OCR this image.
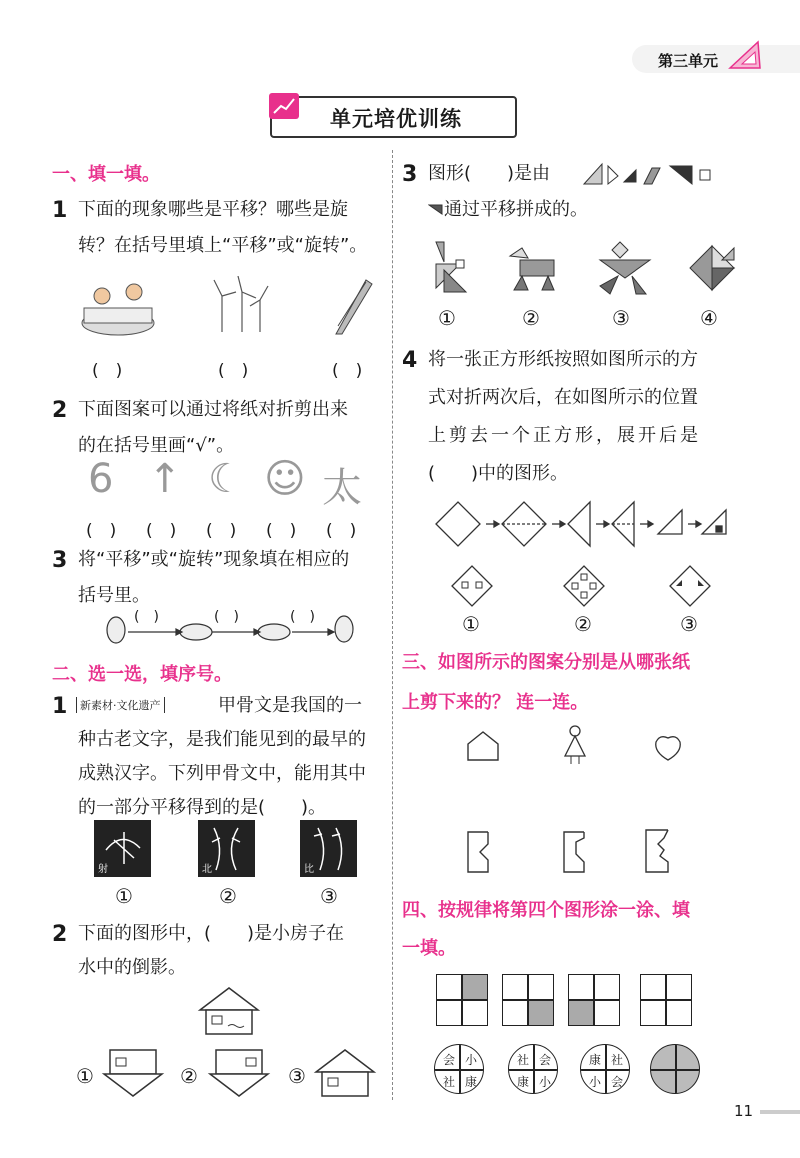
第三单元
单元培优训练
一、填一填。
1 下面的现象哪些是平移？哪些是旋
转？在括号里填上“平移”或“旋转”。
(　)	(　)	(　)
2 下面图案可以通过将纸对折剪出来
的在括号里画“√”。
6 ↑ ☾ ☺ 太
(　) (　) (　) (　) (　)
3 将“平移”或“旋转”现象填在相应的
括号里。
(　)	(　)	(　)
二、选一选，填序号。
1	新素材·文化遗产	甲骨文是我国的一
种古老文字，是我们能见到的最早的
成熟汉字。下列甲骨文中，能用其中
的一部分平移得到的是(　　)。
射	北	比
①	②	③
2 下面的图形中，(　　)是小房子在
水中的倒影。
①	②	③
3 图形(　　)是由
通过平移拼成的。
①	②	③	④
4 将一张正方形纸按照如图所示的方
式对折两次后，在如图所示的位置
上剪去一个正方形，展开后是
(　　)中的图形。
①	②	③
三、如图所示的图案分别是从哪张纸
上剪下来的？ 连一连。
四、按规律将第四个图形涂一涂、填
一填。
会 小
社 康
社 会
康 小
康 社
小 会
11
